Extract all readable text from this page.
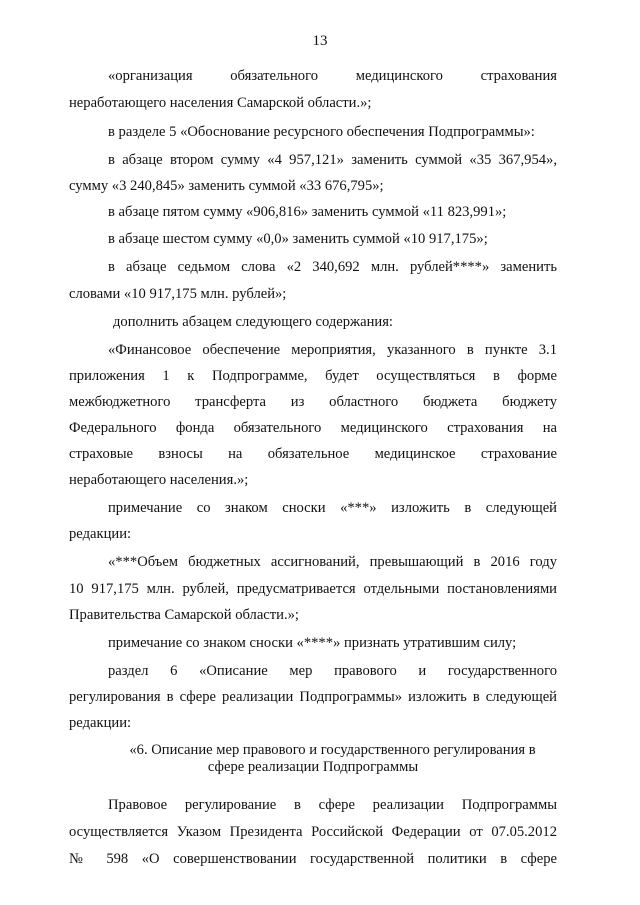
13
«организация обязательного медицинского страхования
неработающего населения Самарской области.»;
в разделе 5 «Обоснование ресурсного обеспечения Подпрограммы»:
в абзаце втором сумму «4 957,121» заменить суммой «35 367,954»,
сумму «3 240,845» заменить суммой «33 676,795»;
в абзаце пятом сумму «906,816» заменить суммой «11 823,991»;
в абзаце шестом сумму «0,0» заменить суммой «10 917,175»;
в абзаце седьмом слова «2 340,692 млн. рублей****» заменить
словами «10 917,175 млн. рублей»;
дополнить абзацем следующего содержания:
«Финансовое обеспечение мероприятия, указанного в пункте 3.1
приложения 1 к Подпрограмме, будет осуществляться в форме
межбюджетного трансферта из областного бюджета бюджету
Федерального фонда обязательного медицинского страхования на
страховые взносы на обязательное медицинское страхование
неработающего населения.»;
примечание со знаком сноски «***» изложить в следующей
редакции:
«***Объем бюджетных ассигнований, превышающий в 2016 году
10 917,175 млн. рублей, предусматривается отдельными постановлениями
Правительства Самарской области.»;
примечание со знаком сноски «****» признать утратившим силу;
раздел 6 «Описание мер правового и государственного
регулирования в сфере реализации Подпрограммы» изложить в следующей
редакции:
«6. Описание мер правового и государственного регулирования в
сфере реализации Подпрограммы
Правовое регулирование в сфере реализации Подпрограммы
осуществляется Указом Президента Российской Федерации от 07.05.2012
№ 598 «О совершенствовании государственной политики в сфере
